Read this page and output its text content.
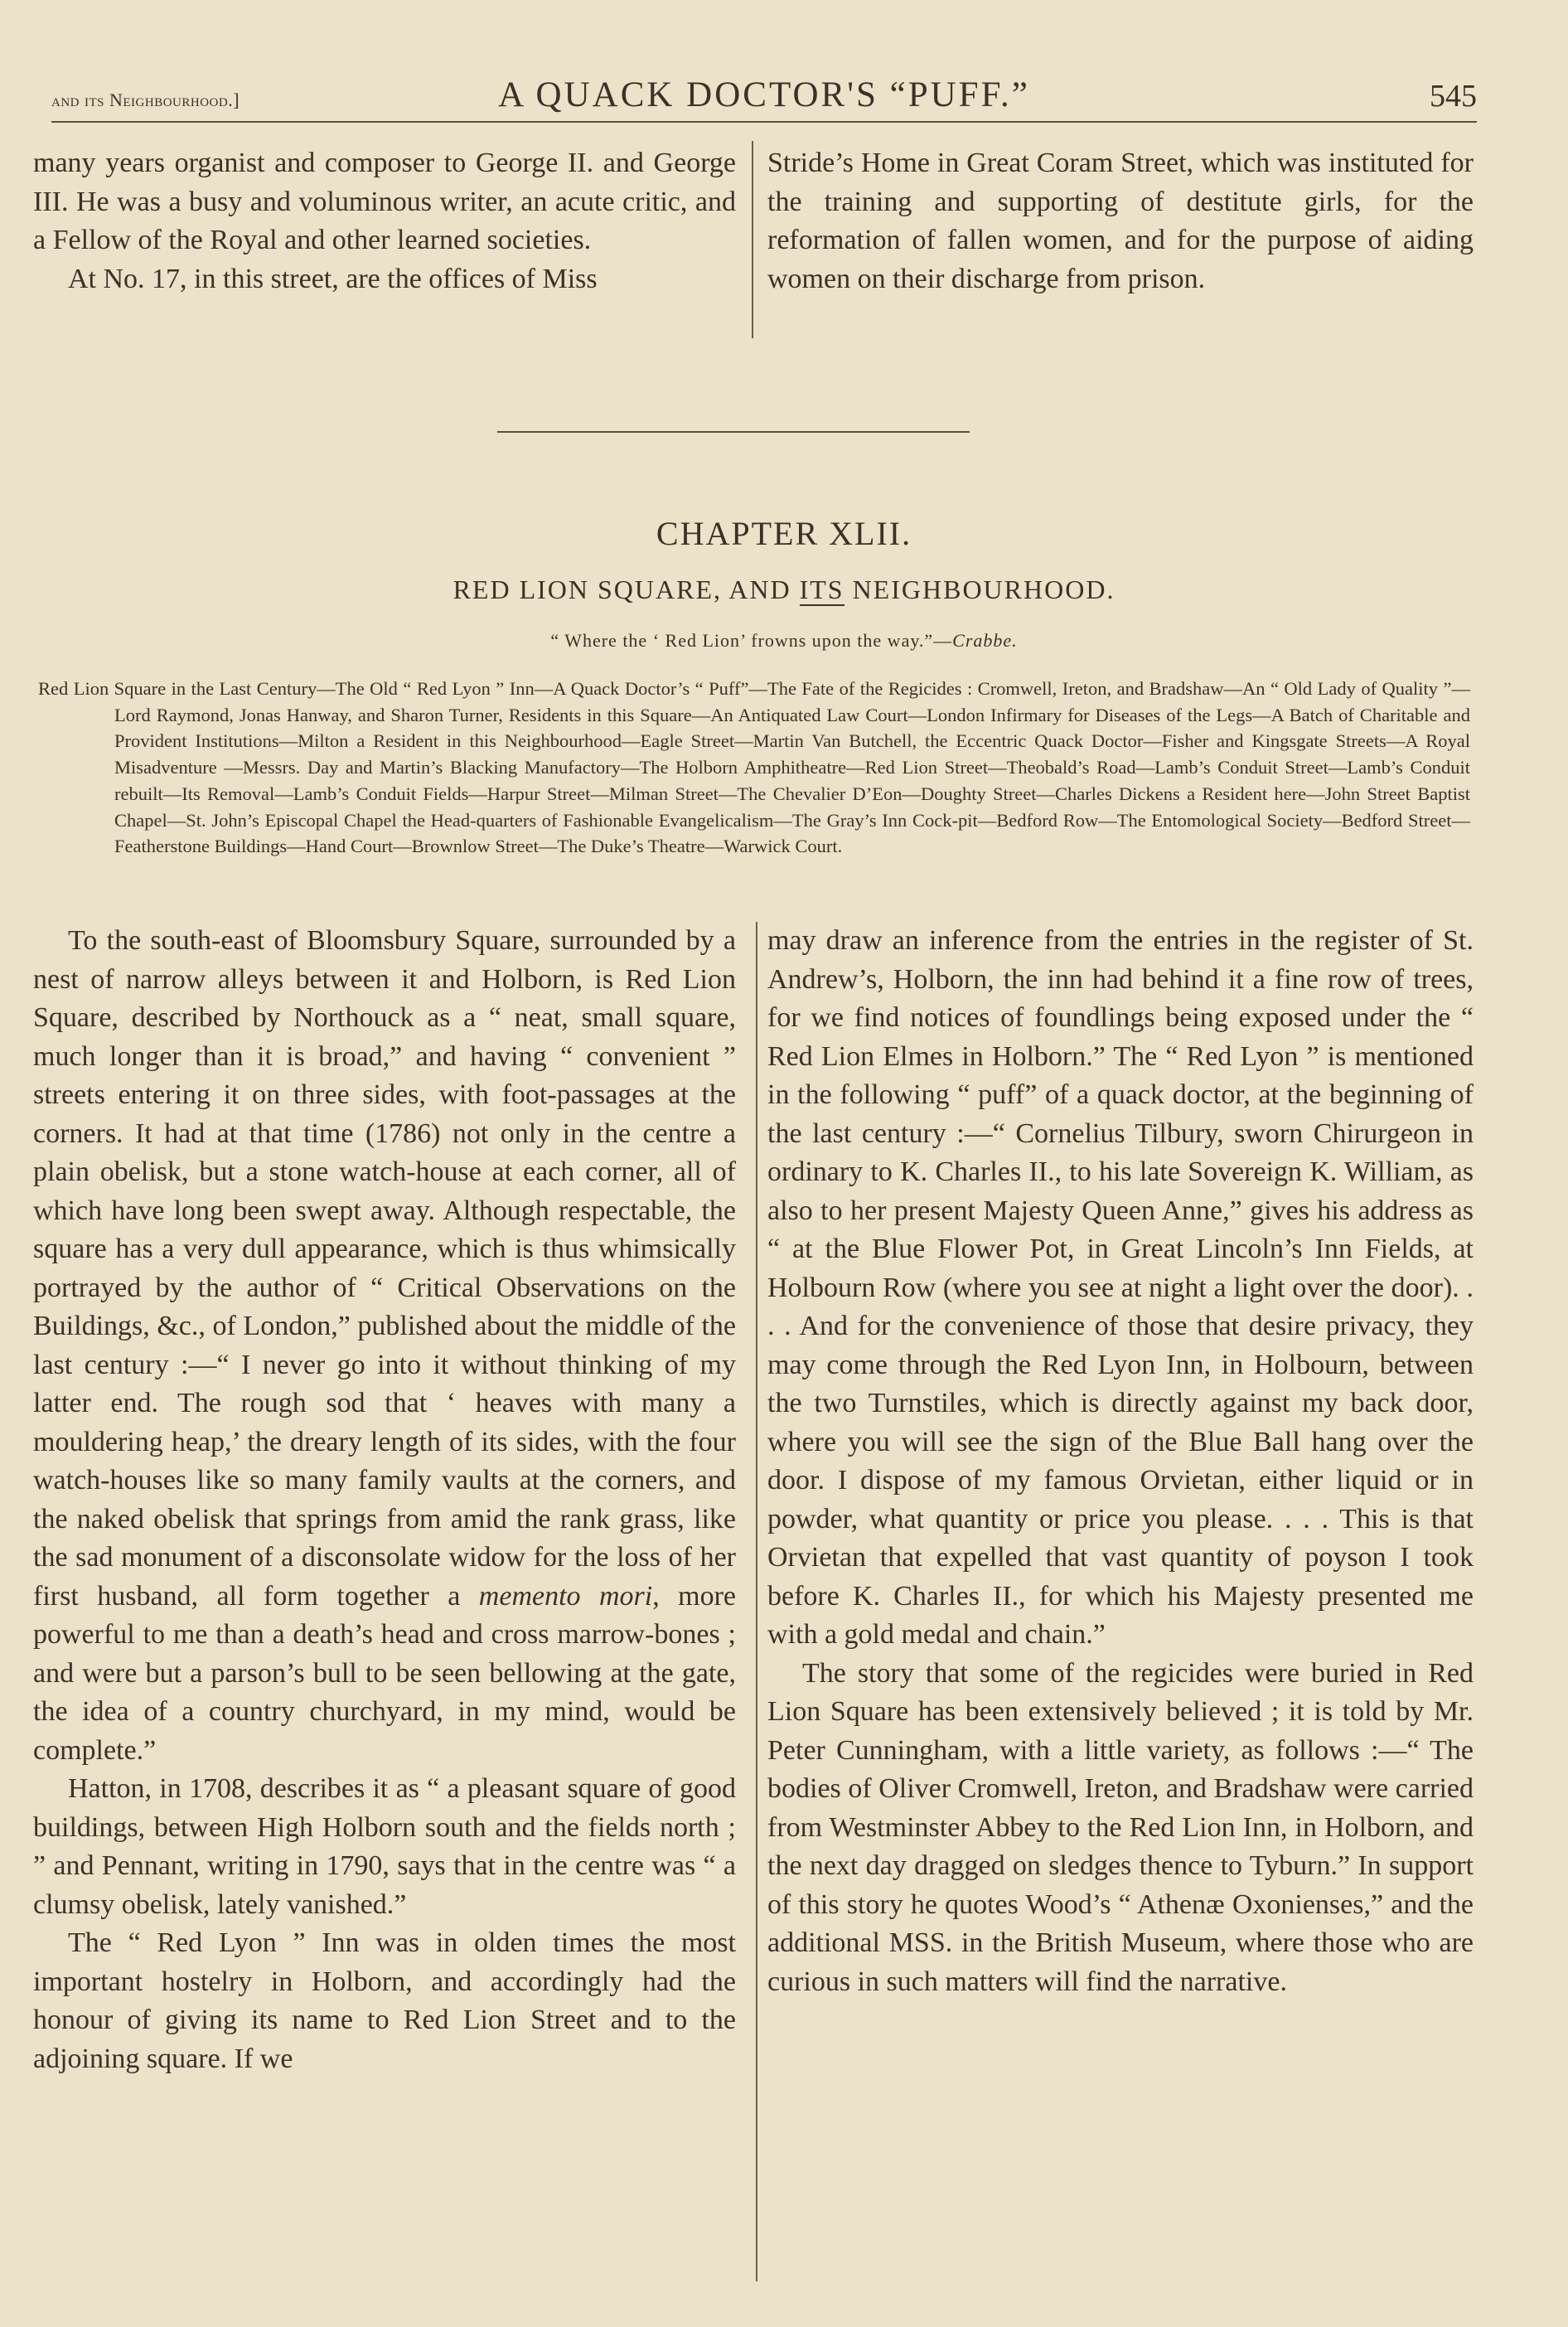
and its Neighbourhood.]	A QUACK DOCTOR'S “PUFF.”	545

many years organist and composer to George II. and George III. He was a busy and voluminous writer, an acute critic, and a Fellow of the Royal and other learned societies.

At No. 17, in this street, are the offices of Miss

Stride’s Home in Great Coram Street, which was instituted for the training and supporting of destitute girls, for the reformation of fallen women, and for the purpose of aiding women on their discharge from prison.

CHAPTER XLII.
RED LION SQUARE, AND ITS NEIGHBOURHOOD.
“ Where the ‘ Red Lion’ frowns upon the way.”—Crabbe.
Red Lion Square in the Last Century—The Old “ Red Lyon ” Inn—A Quack Doctor’s “ Puff”—The Fate of the Regicides : Cromwell, Ireton, and Bradshaw—An “ Old Lady of Quality ”—Lord Raymond, Jonas Hanway, and Sharon Turner, Residents in this Square—An Antiquated Law Court—London Infirmary for Diseases of the Legs—A Batch of Charitable and Provident Institutions—Milton a Resident in this Neighbourhood—Eagle Street—Martin Van Butchell, the Eccentric Quack Doctor—Fisher and Kingsgate Streets—A Royal Misadventure —Messrs. Day and Martin’s Blacking Manufactory—The Holborn Amphitheatre—Red Lion Street—Theobald’s Road—Lamb’s Conduit Street—Lamb’s Conduit rebuilt—Its Removal—Lamb’s Conduit Fields—Harpur Street—Milman Street—The Chevalier D’Eon—Doughty Street—Charles Dickens a Resident here—John Street Baptist Chapel—St. John’s Episcopal Chapel the Head-quarters of Fashionable Evangelicalism—The Gray’s Inn Cock-pit—Bedford Row—The Entomological Society—Bedford Street—Featherstone Buildings—Hand Court—Brownlow Street—The Duke’s Theatre—Warwick Court.

To the south-east of Bloomsbury Square, surrounded by a nest of narrow alleys between it and Holborn, is Red Lion Square, described by Northouck as a “ neat, small square, much longer than it is broad,” and having “ convenient ” streets entering it on three sides, with foot-passages at the corners. It had at that time (1786) not only in the centre a plain obelisk, but a stone watch-house at each corner, all of which have long been swept away. Although respectable, the square has a very dull appearance, which is thus whimsically portrayed by the author of “ Critical Observations on the Buildings, &c., of London,” published about the middle of the last century :—“ I never go into it without thinking of my latter end. The rough sod that ‘ heaves with many a mouldering heap,’ the dreary length of its sides, with the four watch-houses like so many family vaults at the corners, and the naked obelisk that springs from amid the rank grass, like the sad monument of a disconsolate widow for the loss of her first husband, all form together a memento mori, more powerful to me than a death’s head and cross marrow-bones ; and were but a parson’s bull to be seen bellowing at the gate, the idea of a country churchyard, in my mind, would be complete.”

Hatton, in 1708, describes it as “ a pleasant square of good buildings, between High Holborn south and the fields north ; ” and Pennant, writing in 1790, says that in the centre was “ a clumsy obelisk, lately vanished.”

The “ Red Lyon ” Inn was in olden times the most important hostelry in Holborn, and accordingly had the honour of giving its name to Red Lion Street and to the adjoining square. If we

may draw an inference from the entries in the register of St. Andrew’s, Holborn, the inn had behind it a fine row of trees, for we find notices of foundlings being exposed under the “ Red Lion Elmes in Holborn.” The “ Red Lyon ” is mentioned in the following “ puff” of a quack doctor, at the beginning of the last century :—“ Cornelius Tilbury, sworn Chirurgeon in ordinary to K. Charles II., to his late Sovereign K. William, as also to her present Majesty Queen Anne,” gives his address as “ at the Blue Flower Pot, in Great Lincoln’s Inn Fields, at Holbourn Row (where you see at night a light over the door). . . . And for the convenience of those that desire privacy, they may come through the Red Lyon Inn, in Holbourn, between the two Turnstiles, which is directly against my back door, where you will see the sign of the Blue Ball hang over the door. I dispose of my famous Orvietan, either liquid or in powder, what quantity or price you please. . . . This is that Orvietan that expelled that vast quantity of poyson I took before K. Charles II., for which his Majesty presented me with a gold medal and chain.”

The story that some of the regicides were buried in Red Lion Square has been extensively believed ; it is told by Mr. Peter Cunningham, with a little variety, as follows :—“ The bodies of Oliver Cromwell, Ireton, and Bradshaw were carried from Westminster Abbey to the Red Lion Inn, in Holborn, and the next day dragged on sledges thence to Tyburn.” In support of this story he quotes Wood’s “ Athenæ Oxonienses,” and the additional MSS. in the British Museum, where those who are curious in such matters will find the narrative.
